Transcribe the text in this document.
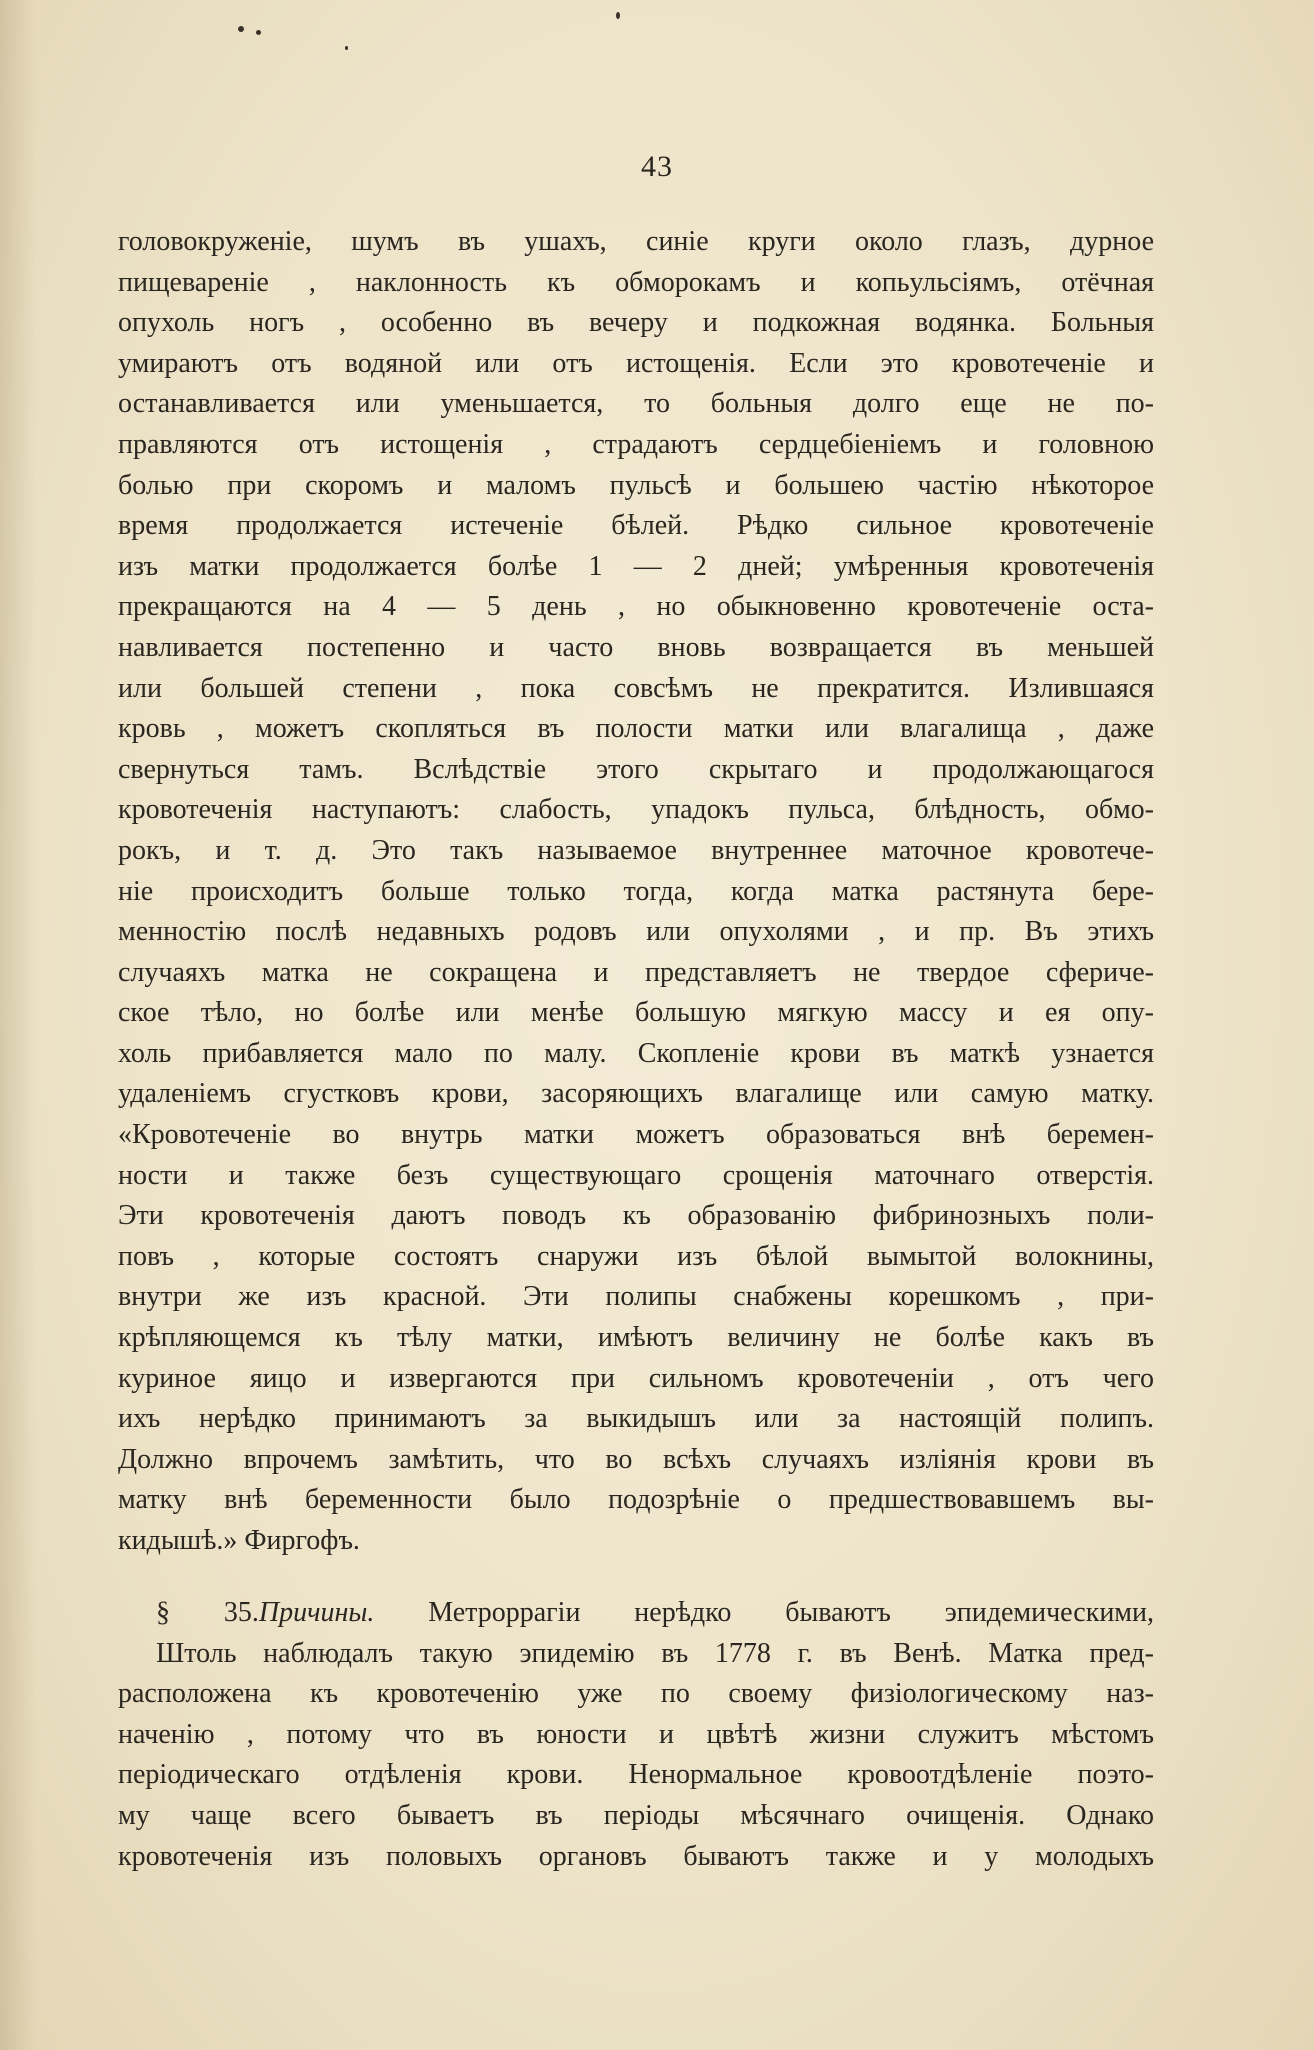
43
головокруженіе, шумъ въ ушахъ, синіе круги около глазъ, дурное
пищевареніе , наклонность къ обморокамъ и копьульсіямъ, отёчная
опухоль ногъ , особенно въ вечеру и подкожная водянка. Больныя
умираютъ отъ водяной или отъ истощенія. Если это кровотеченіе и
останавливается или уменьшается, то больныя долго еще не по-
правляются отъ истощенія , страдаютъ сердцебіеніемъ и головною
болью при скоромъ и маломъ пульсѣ и большею частію нѣкоторое
время продолжается истеченіе бѣлей. Рѣдко сильное кровотеченіе
изъ матки продолжается болѣе 1 — 2 дней; умѣренныя кровотеченія
прекращаются на 4 — 5 день , но обыкновенно кровотеченіе оста-
навливается постепенно и часто вновь возвращается въ меньшей
или большей степени , пока совсѣмъ не прекратится. Излившаяся
кровь , можетъ скопляться въ полости матки или влагалища , даже
свернуться тамъ. Вслѣдствіе этого скрытаго и продолжающагося
кровотеченія наступаютъ: слабость, упадокъ пульса, блѣдность, обмо-
рокъ, и т. д. Это такъ называемое внутреннее маточное кровотече-
ніе происходитъ больше только тогда, когда матка растянута бере-
менностію послѣ недавныхъ родовъ или опухолями , и пр. Въ этихъ
случаяхъ матка не сокращена и представляетъ не твердое сфериче-
ское тѣло, но болѣе или менѣе большую мягкую массу и ея опу-
холь прибавляется мало по малу. Скопленіе крови въ маткѣ узнается
удаленіемъ сгустковъ крови, засоряющихъ влагалище или самую матку.
«Кровотеченіе во внутрь матки можетъ образоваться внѣ беремен-
ности и также безъ существующаго срощенія маточнаго отверстія.
Эти кровотеченія даютъ поводъ къ образованію фибринозныхъ поли-
повъ , которые состоятъ снаружи изъ бѣлой вымытой волокнины,
внутри же изъ красной. Эти полипы снабжены корешкомъ , при-
крѣпляющемся къ тѣлу матки, имѣютъ величину не болѣе какъ въ
куриное яицо и извергаются при сильномъ кровотеченіи , отъ чего
ихъ нерѣдко принимаютъ за выкидышъ или за настоящій полипъ.
Должно впрочемъ замѣтить, что во всѣхъ случаяхъ изліянія крови въ
матку внѣ беременности было подозрѣніе о предшествовавшемъ вы-
кидышѣ.» Фиргофъ.
§ 35.Причины. Метроррагіи нерѣдко бываютъ эпидемическими,
Штоль наблюдалъ такую эпидемію въ 1778 г. въ Венѣ. Матка пред-
расположена къ кровотеченію уже по своему физіологическому наз-
наченію , потому что въ юности и цвѣтѣ жизни служитъ мѣстомъ
періодическаго отдѣленія крови. Ненормальное кровоотдѣленіе поэто-
му чаще всего бываетъ въ періоды мѣсячнаго очищенія. Однако
кровотеченія изъ половыхъ органовъ бываютъ также и у молодыхъ
